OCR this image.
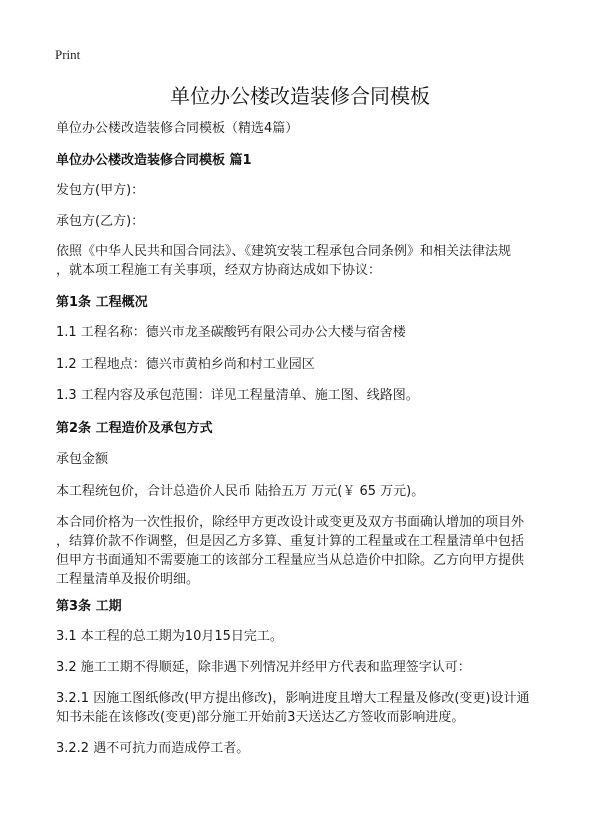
Print
单位办公楼改造装修合同模板
单位办公楼改造装修合同模板（精选4篇）
单位办公楼改造装修合同模板 篇1
发包方(甲方)：
承包方(乙方)：
依照《中华人民共和国合同法》、《建筑安装工程承包合同条例》和相关法律法规
，就本项工程施工有关事项，经双方协商达成如下协议：
第1条 工程概况
1.1 工程名称：德兴市龙圣碳酸钙有限公司办公大楼与宿舍楼
1.2 工程地点：德兴市黄柏乡尚和村工业园区
1.3 工程内容及承包范围：详见工程量清单、施工图、线路图。
第2条 工程造价及承包方式
承包金额
本工程统包价，合计总造价人民币 陆拾五万 万元(￥ 65 万元)。
本合同价格为一次性报价，除经甲方更改设计或变更及双方书面确认增加的项目外
，结算价款不作调整，但是因乙方多算、重复计算的工程量或在工程量清单中包括
但甲方书面通知不需要施工的该部分工程量应当从总造价中扣除。乙方向甲方提供
工程量清单及报价明细。
第3条 工期
3.1 本工程的总工期为10月15日完工。
3.2 施工工期不得顺延，除非遇下列情况并经甲方代表和监理签字认可：
3.2.1 因施工图纸修改(甲方提出修改)，影响进度且增大工程量及修改(变更)设计通
知书未能在该修改(变更)部分施工开始前3天送达乙方签收而影响进度。
3.2.2 遇不可抗力而造成停工者。
